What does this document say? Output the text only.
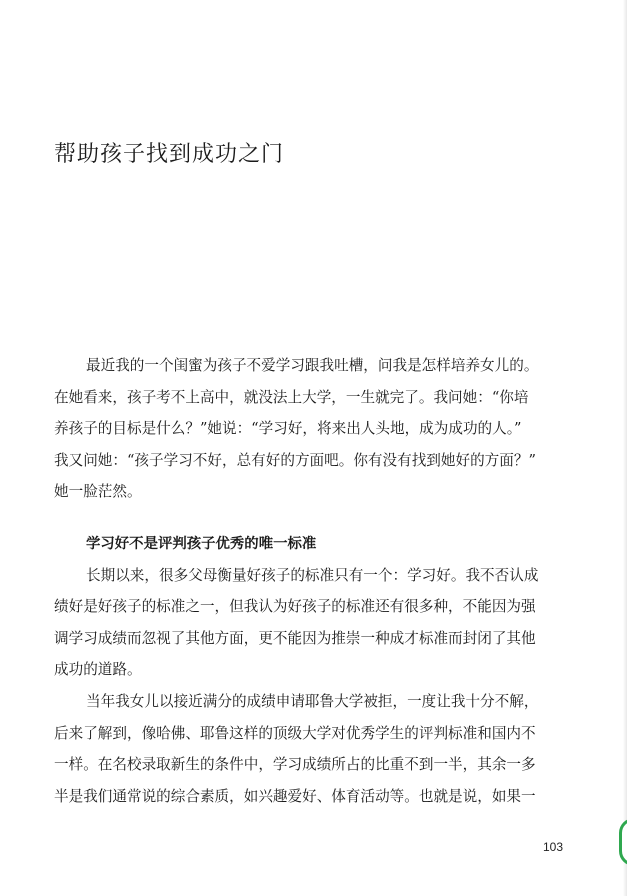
帮助孩子找到成功之门
最近我的一个闺蜜为孩子不爱学习跟我吐槽，问我是怎样培养女儿的。
在她看来，孩子考不上高中，就没法上大学，一生就完了。我问她：“你培
养孩子的目标是什么？”她说：“学习好，将来出人头地，成为成功的人。”
我又问她：“孩子学习不好，总有好的方面吧。你有没有找到她好的方面？”
她一脸茫然。
学习好不是评判孩子优秀的唯一标准
长期以来，很多父母衡量好孩子的标准只有一个：学习好。我不否认成
绩好是好孩子的标准之一，但我认为好孩子的标准还有很多种，不能因为强
调学习成绩而忽视了其他方面，更不能因为推崇一种成才标准而封闭了其他
成功的道路。
当年我女儿以接近满分的成绩申请耶鲁大学被拒，一度让我十分不解，
后来了解到，像哈佛、耶鲁这样的顶级大学对优秀学生的评判标准和国内不
一样。在名校录取新生的条件中，学习成绩所占的比重不到一半，其余一多
半是我们通常说的综合素质，如兴趣爱好、体育活动等。也就是说，如果一
103
